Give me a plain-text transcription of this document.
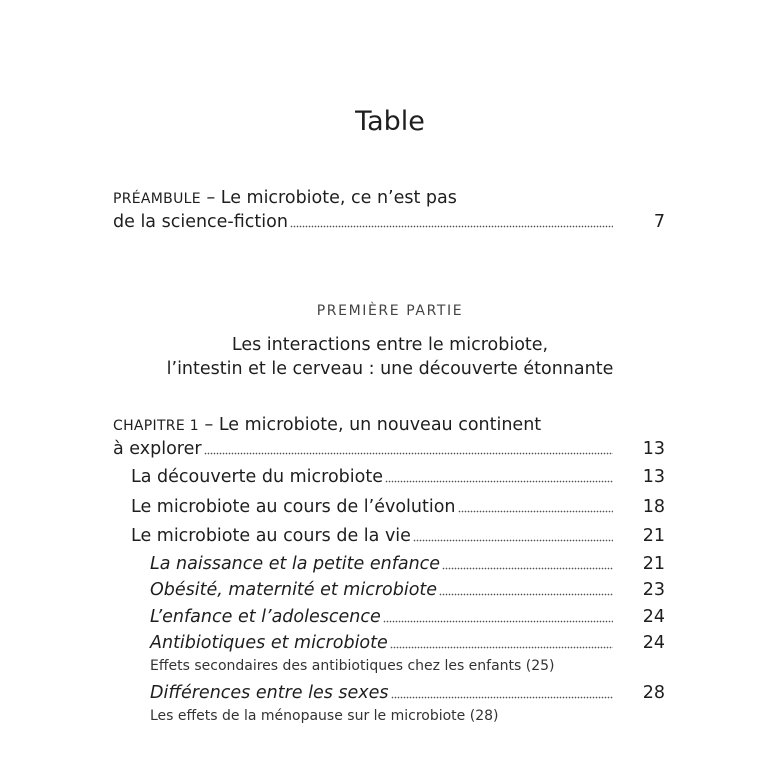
Table
PRÉAMBULE – Le microbiote, ce n’est pas
de la science-fiction	7
PREMIÈRE PARTIE
Les interactions entre le microbiote,
l’intestin et le cerveau : une découverte étonnante
CHAPITRE 1 – Le microbiote, un nouveau continent
à explorer	13
La découverte du microbiote	13
Le microbiote au cours de l’évolution	18
Le microbiote au cours de la vie	21
La naissance et la petite enfance	21
Obésité, maternité et microbiote	23
L’enfance et l’adolescence	24
Antibiotiques et microbiote	24
Effets secondaires des antibiotiques chez les enfants (25)
Différences entre les sexes	28
Les effets de la ménopause sur le microbiote (28)
